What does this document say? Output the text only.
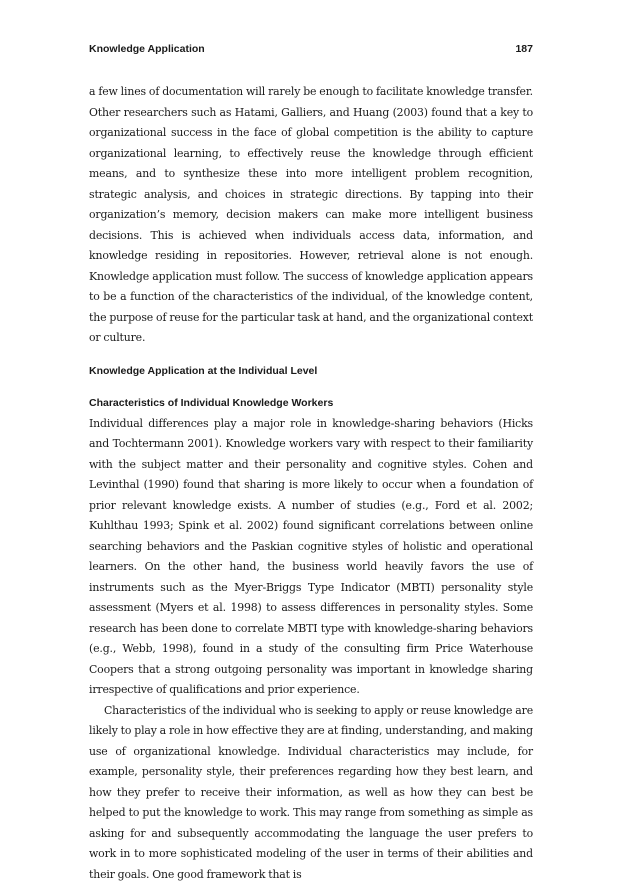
Knowledge Application	187

a few lines of documentation will rarely be enough to facilitate knowledge transfer. Other researchers such as Hatami, Galliers, and Huang (2003) found that a key to organizational success in the face of global competition is the ability to capture organizational learning, to effectively reuse the knowledge through efficient means, and to synthesize these into more intelligent problem recognition, strategic analysis, and choices in strategic directions. By tapping into their organization’s memory, decision makers can make more intelligent business decisions. This is achieved when individuals access data, information, and knowledge residing in repositories. However, retrieval alone is not enough. Knowledge application must follow. The success of knowledge application appears to be a function of the characteristics of the individual, of the knowledge content, the purpose of reuse for the particular task at hand, and the organizational context or culture.

Knowledge Application at the Individual Level
Characteristics of Individual Knowledge Workers

Individual differences play a major role in knowledge-sharing behaviors (Hicks and Tochtermann 2001). Knowledge workers vary with respect to their familiarity with the subject matter and their personality and cognitive styles. Cohen and Levinthal (1990) found that sharing is more likely to occur when a foundation of prior relevant knowledge exists. A number of studies (e.g., Ford et al. 2002; Kuhlthau 1993; Spink et al. 2002) found significant correlations between online searching behaviors and the Paskian cognitive styles of holistic and operational learners. On the other hand, the business world heavily favors the use of instruments such as the Myer-Briggs Type Indicator (MBTI) personality style assessment (Myers et al. 1998) to assess differences in personality styles. Some research has been done to correlate MBTI type with knowledge-sharing behaviors (e.g., Webb, 1998), found in a study of the consulting firm Price Waterhouse Coopers that a strong outgoing personality was important in knowledge sharing irrespective of qualifications and prior experience.

Characteristics of the individual who is seeking to apply or reuse knowledge are likely to play a role in how effective they are at finding, understanding, and making use of organizational knowledge. Individual characteristics may include, for example, personality style, their preferences regarding how they best learn, and how they prefer to receive their information, as well as how they can best be helped to put the knowledge to work. This may range from something as simple as asking for and subsequently accommodating the language the user prefers to work in to more sophisticated modeling of the user in terms of their abilities and their goals. One good framework that is
